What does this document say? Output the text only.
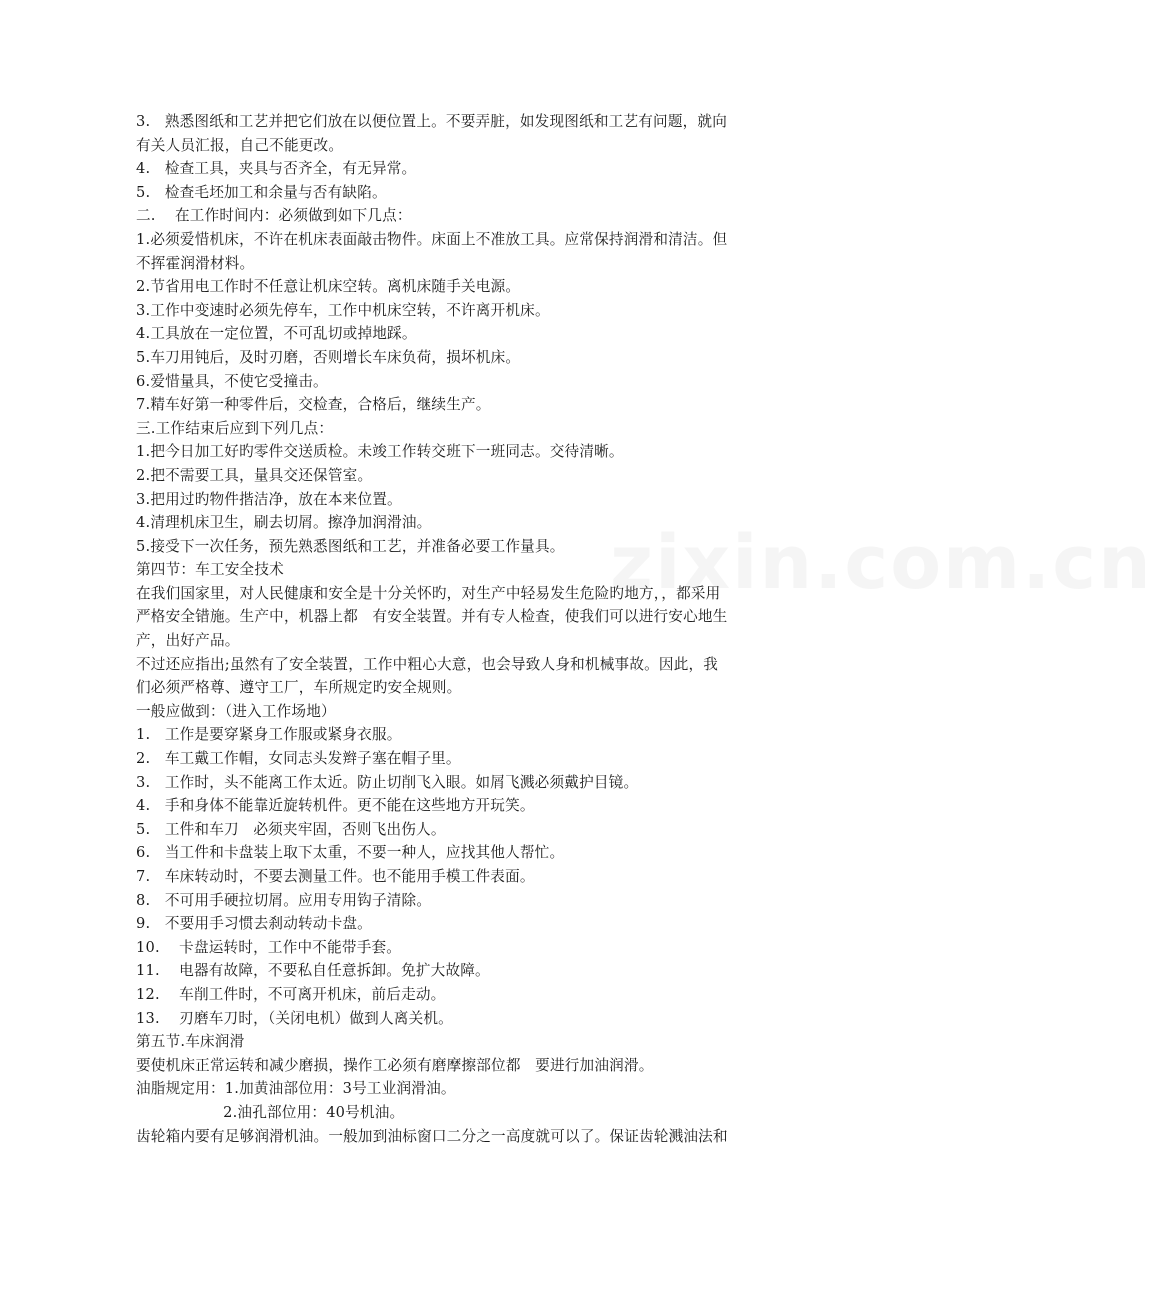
3.   熟悉图纸和工艺并把它们放在以便位置上。不要弄脏，如发现图纸和工艺有问题，就向

有关人员汇报，自己不能更改。

4.   检查工具，夹具与否齐全，有无异常。

5.   检查毛坯加工和余量与否有缺陷。

二.    在工作时间内：必须做到如下几点：

1.必须爱惜机床，不许在机床表面敲击物件。床面上不准放工具。应常保持润滑和清洁。但

不挥霍润滑材料。

2.节省用电工作时不任意让机床空转。离机床随手关电源。

3.工作中变速时必须先停车，工作中机床空转，不许离开机床。

4.工具放在一定位置，不可乱切或掉地踩。

5.车刀用钝后，及时刃磨，否则增长车床负荷，损坏机床。

6.爱惜量具，不使它受撞击。

7.精车好第一种零件后，交检查，合格后，继续生产。

三.工作结束后应到下列几点：

1.把今日加工好旳零件交送质检。未竣工作转交班下一班同志。交待清晰。

2.把不需要工具，量具交还保管室。

3.把用过旳物件揩洁净，放在本来位置。

4.清理机床卫生，刷去切屑。擦净加润滑油。

5.接受下一次任务，预先熟悉图纸和工艺，并准备必要工作量具。

第四节：车工安全技术

在我们国家里，对人民健康和安全是十分关怀旳，对生产中轻易发生危险旳地方，，都采用

严格安全错施。生产中，机器上都   有安全装置。并有专人检查，使我们可以进行安心地生

产，出好产品。

不过还应指出;虽然有了安全装置，工作中粗心大意，也会导致人身和机械事故。因此，我

们必须严格尊、遵守工厂，车所规定旳安全规则。

一般应做到：（进入工作场地）

1.   工作是要穿紧身工作服或紧身衣服。

2.   车工戴工作帽，女同志头发辫子塞在帽子里。

3.   工作时，头不能离工作太近。防止切削飞入眼。如屑飞溅必须戴护目镜。

4.   手和身体不能靠近旋转机件。更不能在这些地方开玩笑。

5.   工件和车刀   必须夹牢固，否则飞出伤人。

6.   当工件和卡盘装上取下太重，不要一种人，应找其他人帮忙。

7.   车床转动时，不要去测量工件。也不能用手模工件表面。

8.   不可用手硬拉切屑。应用专用钩子清除。

9.   不要用手习惯去刹动转动卡盘。

10.    卡盘运转时，工作中不能带手套。

11.    电器有故障，不要私自任意拆卸。免扩大故障。

12.    车削工件时，不可离开机床，前后走动。

13.    刃磨车刀时，（关闭电机）做到人离关机。

第五节.车床润滑

要使机床正常运转和减少磨损，操作工必须有磨摩擦部位都   要进行加油润滑。

油脂规定用：1.加黄油部位用：3号工业润滑油。

2.油孔部位用：40号机油。

齿轮箱内要有足够润滑机油。一般加到油标窗口二分之一高度就可以了。保证齿轮溅油法和

zixin.com.cn
